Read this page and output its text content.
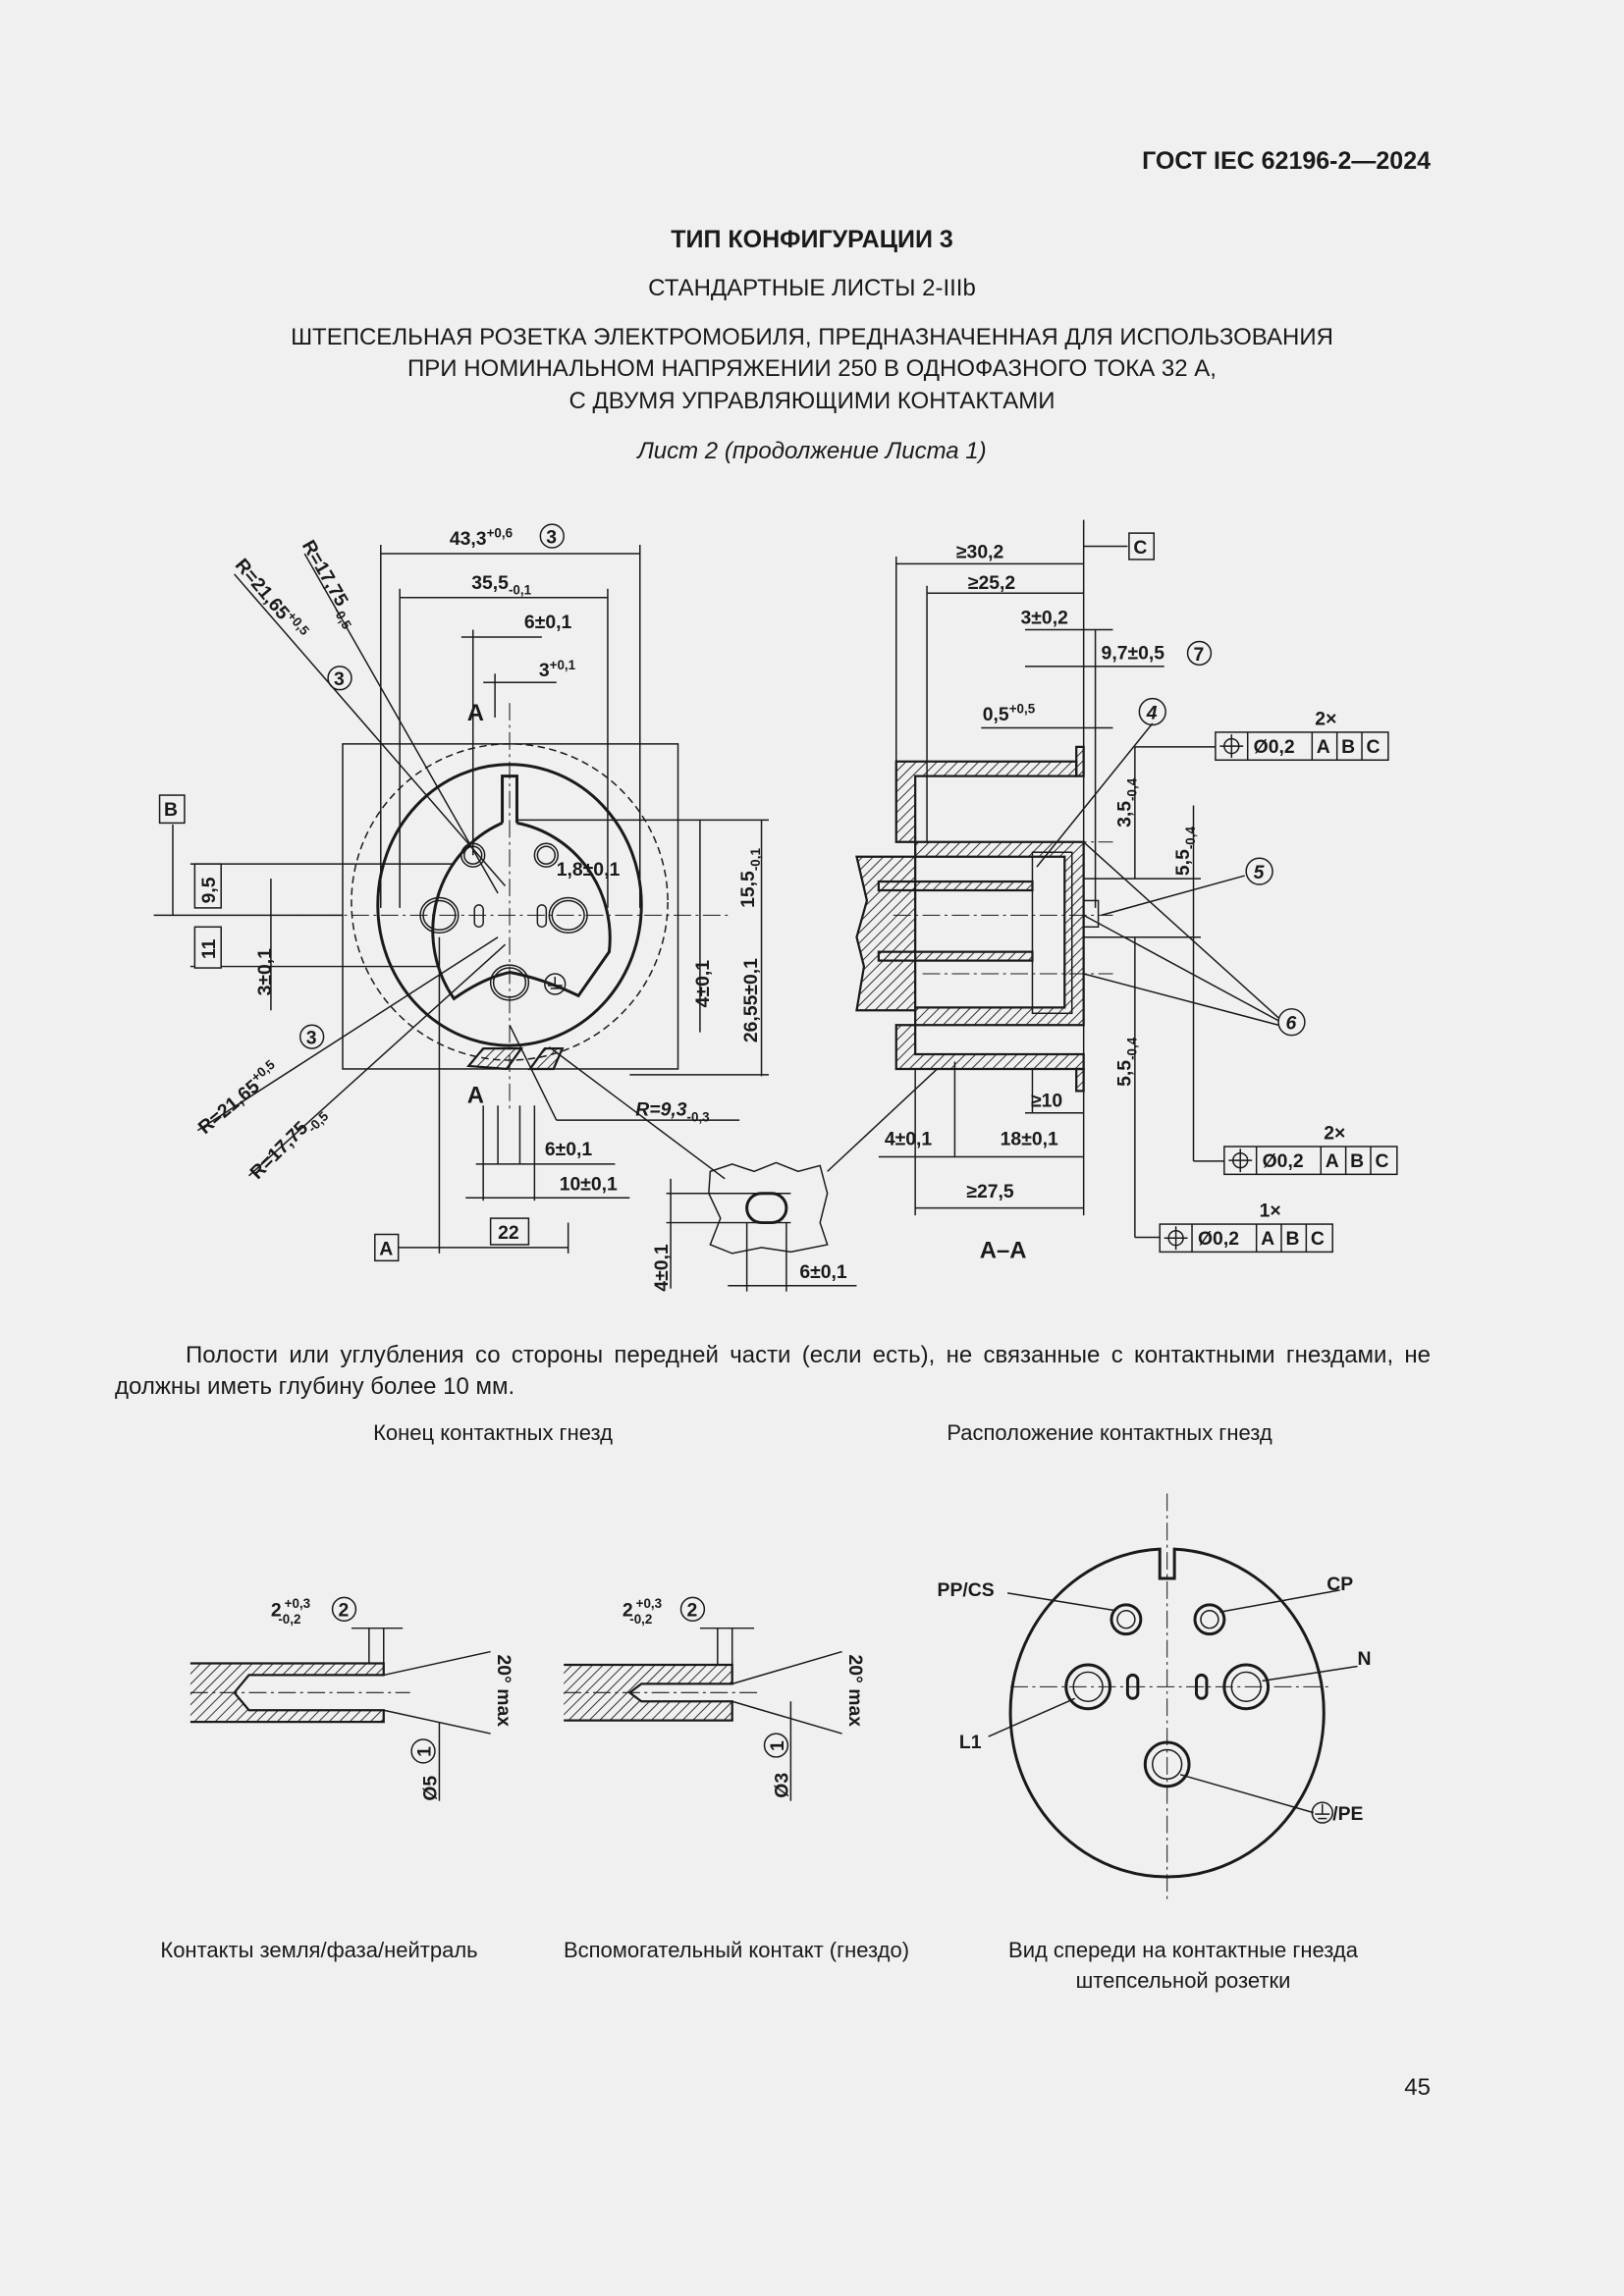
ГОСТ IEC 62196-2—2024
ТИП КОНФИГУРАЦИИ 3
СТАНДАРТНЫЕ ЛИСТЫ 2-IIIb
ШТЕПСЕЛЬНАЯ РОЗЕТКА ЭЛЕКТРОМОБИЛЯ, ПРЕДНАЗНАЧЕННАЯ ДЛЯ ИСПОЛЬЗОВАНИЯ
ПРИ НОМИНАЛЬНОМ НАПРЯЖЕНИИ 250 В ОДНОФАЗНОГО ТОКА 32 А,
С ДВУМЯ УПРАВЛЯЮЩИМИ КОНТАКТАМИ
Лист 2 (продолжение Листа 1)
$43,3^{+0,6}$	3
$35,5_{-0,1}$
6±0,1
$3^{+0,1}$
A
A
1,8±0,1
$15,5_{-0,1}$
4±0,1 26,55±0,1
$R=17,75_{-0,5}$
$R=21,65^{+0,5}$
3
$R=21,65^{+0,5}$
3
$R=17,75_{-0,5}$	$R=9,3_{-0,3}$
6±0,1
10±0,1
22
A
B
9,5
11	3±0,1
4±0,1	6±0,1
≥30,2	C
≥25,2
3±0,2
9,7±0,5 7
$0,5^{+0,5}$	4
5
6
$3,5_{-0,4}$
$5,5_{-0,4}$
$5,5_{-0,4}$
≥10
4±0,1	18±0,1
≥27,5
A–A
2×
Ø0,2 A B C
2×
Ø0,2 A B C
1×
Ø0,2 A B C
2 $^{+0,3}$ -0,2	2
20° max
Ø5
1
2 $^{+0,3}$ -0,2	2
20° max
Ø3
1
PP/CS	CP
N
L1
/PE
Полости или углубления со стороны передней части (если есть), не связанные с контактными гнездами, не должны иметь глубину более 10 мм.
Конец контактных гнезд	Расположение контактных гнезд
Контакты земля/фаза/нейтраль	Вспомогательный контакт (гнездо)	Вид спереди на контактные гнезда
штепсельной розетки
45
